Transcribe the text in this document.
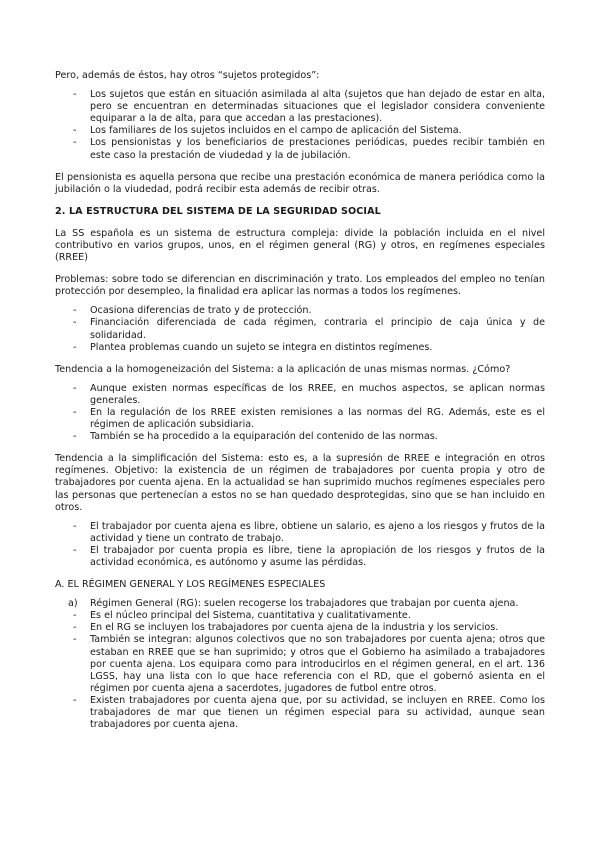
Pero, además de éstos, hay otros “sujetos protegidos”:

- Los sujetos que están en situación asimilada al alta (sujetos que han dejado de estar en alta, pero se encuentran en determinadas situaciones que el legislador considera conveniente equiparar a la de alta, para que accedan a las prestaciones).
- Los familiares de los sujetos incluidos en el campo de aplicación del Sistema.
- Los pensionistas y los beneficiarios de prestaciones periódicas, puedes recibir también en este caso la prestación de viudedad y la de jubilación.

El pensionista es aquella persona que recibe una prestación económica de manera periódica como la jubilación o la viudedad, podrá recibir esta además de recibir otras.

2. LA ESTRUCTURA DEL SISTEMA DE LA SEGURIDAD SOCIAL

La SS española es un sistema de estructura compleja: divide la población incluida en el nivel contributivo en varios grupos, unos, en el régimen general (RG) y otros, en regímenes especiales (RREE)

Problemas: sobre todo se diferencian en discriminación y trato. Los empleados del empleo no tenían protección por desempleo, la finalidad era aplicar las normas a todos los regímenes.

- Ocasiona diferencias de trato y de protección.
- Financiación diferenciada de cada régimen, contraria el principio de caja única y de solidaridad.
- Plantea problemas cuando un sujeto se integra en distintos regímenes.

Tendencia a la homogeneización del Sistema: a la aplicación de unas mismas normas. ¿Cómo?

- Aunque existen normas específicas de los RREE, en muchos aspectos, se aplican normas generales.
- En la regulación de los RREE existen remisiones a las normas del RG. Además, este es el régimen de aplicación subsidiaria.
- También se ha procedido a la equiparación del contenido de las normas.

Tendencia a la simplificación del Sistema: esto es, a la supresión de RREE e integración en otros regímenes. Objetivo: la existencia de un régimen de trabajadores por cuenta propia y otro de trabajadores por cuenta ajena. En la actualidad se han suprimido muchos regímenes especiales pero las personas que pertenecían a estos no se han quedado desprotegidas, sino que se han incluido en otros.

- El trabajador por cuenta ajena es libre, obtiene un salario, es ajeno a los riesgos y frutos de la actividad y tiene un contrato de trabajo.
- El trabajador por cuenta propia es libre, tiene la apropiación de los riesgos y frutos de la actividad económica, es autónomo y asume las pérdidas.

A. EL RÉGIMEN GENERAL Y LOS REGÍMENES ESPECIALES

a) Régimen General (RG): suelen recogerse los trabajadores que trabajan por cuenta ajena.
- Es el núcleo principal del Sistema, cuantitativa y cualitativamente.
- En el RG se incluyen los trabajadores por cuenta ajena de la industria y los servicios.
- También se integran: algunos colectivos que no son trabajadores por cuenta ajena; otros que estaban en RREE que se han suprimido; y otros que el Gobierno ha asimilado a trabajadores por cuenta ajena. Los equipara como para introducirlos en el régimen general, en el art. 136 LGSS, hay una lista con lo que hace referencia con el RD, que el gobernó asienta en el régimen por cuenta ajena a sacerdotes, jugadores de futbol entre otros.
- Existen trabajadores por cuenta ajena que, por su actividad, se incluyen en RREE. Como los trabajadores de mar que tienen un régimen especial para su actividad, aunque sean trabajadores por cuenta ajena.
